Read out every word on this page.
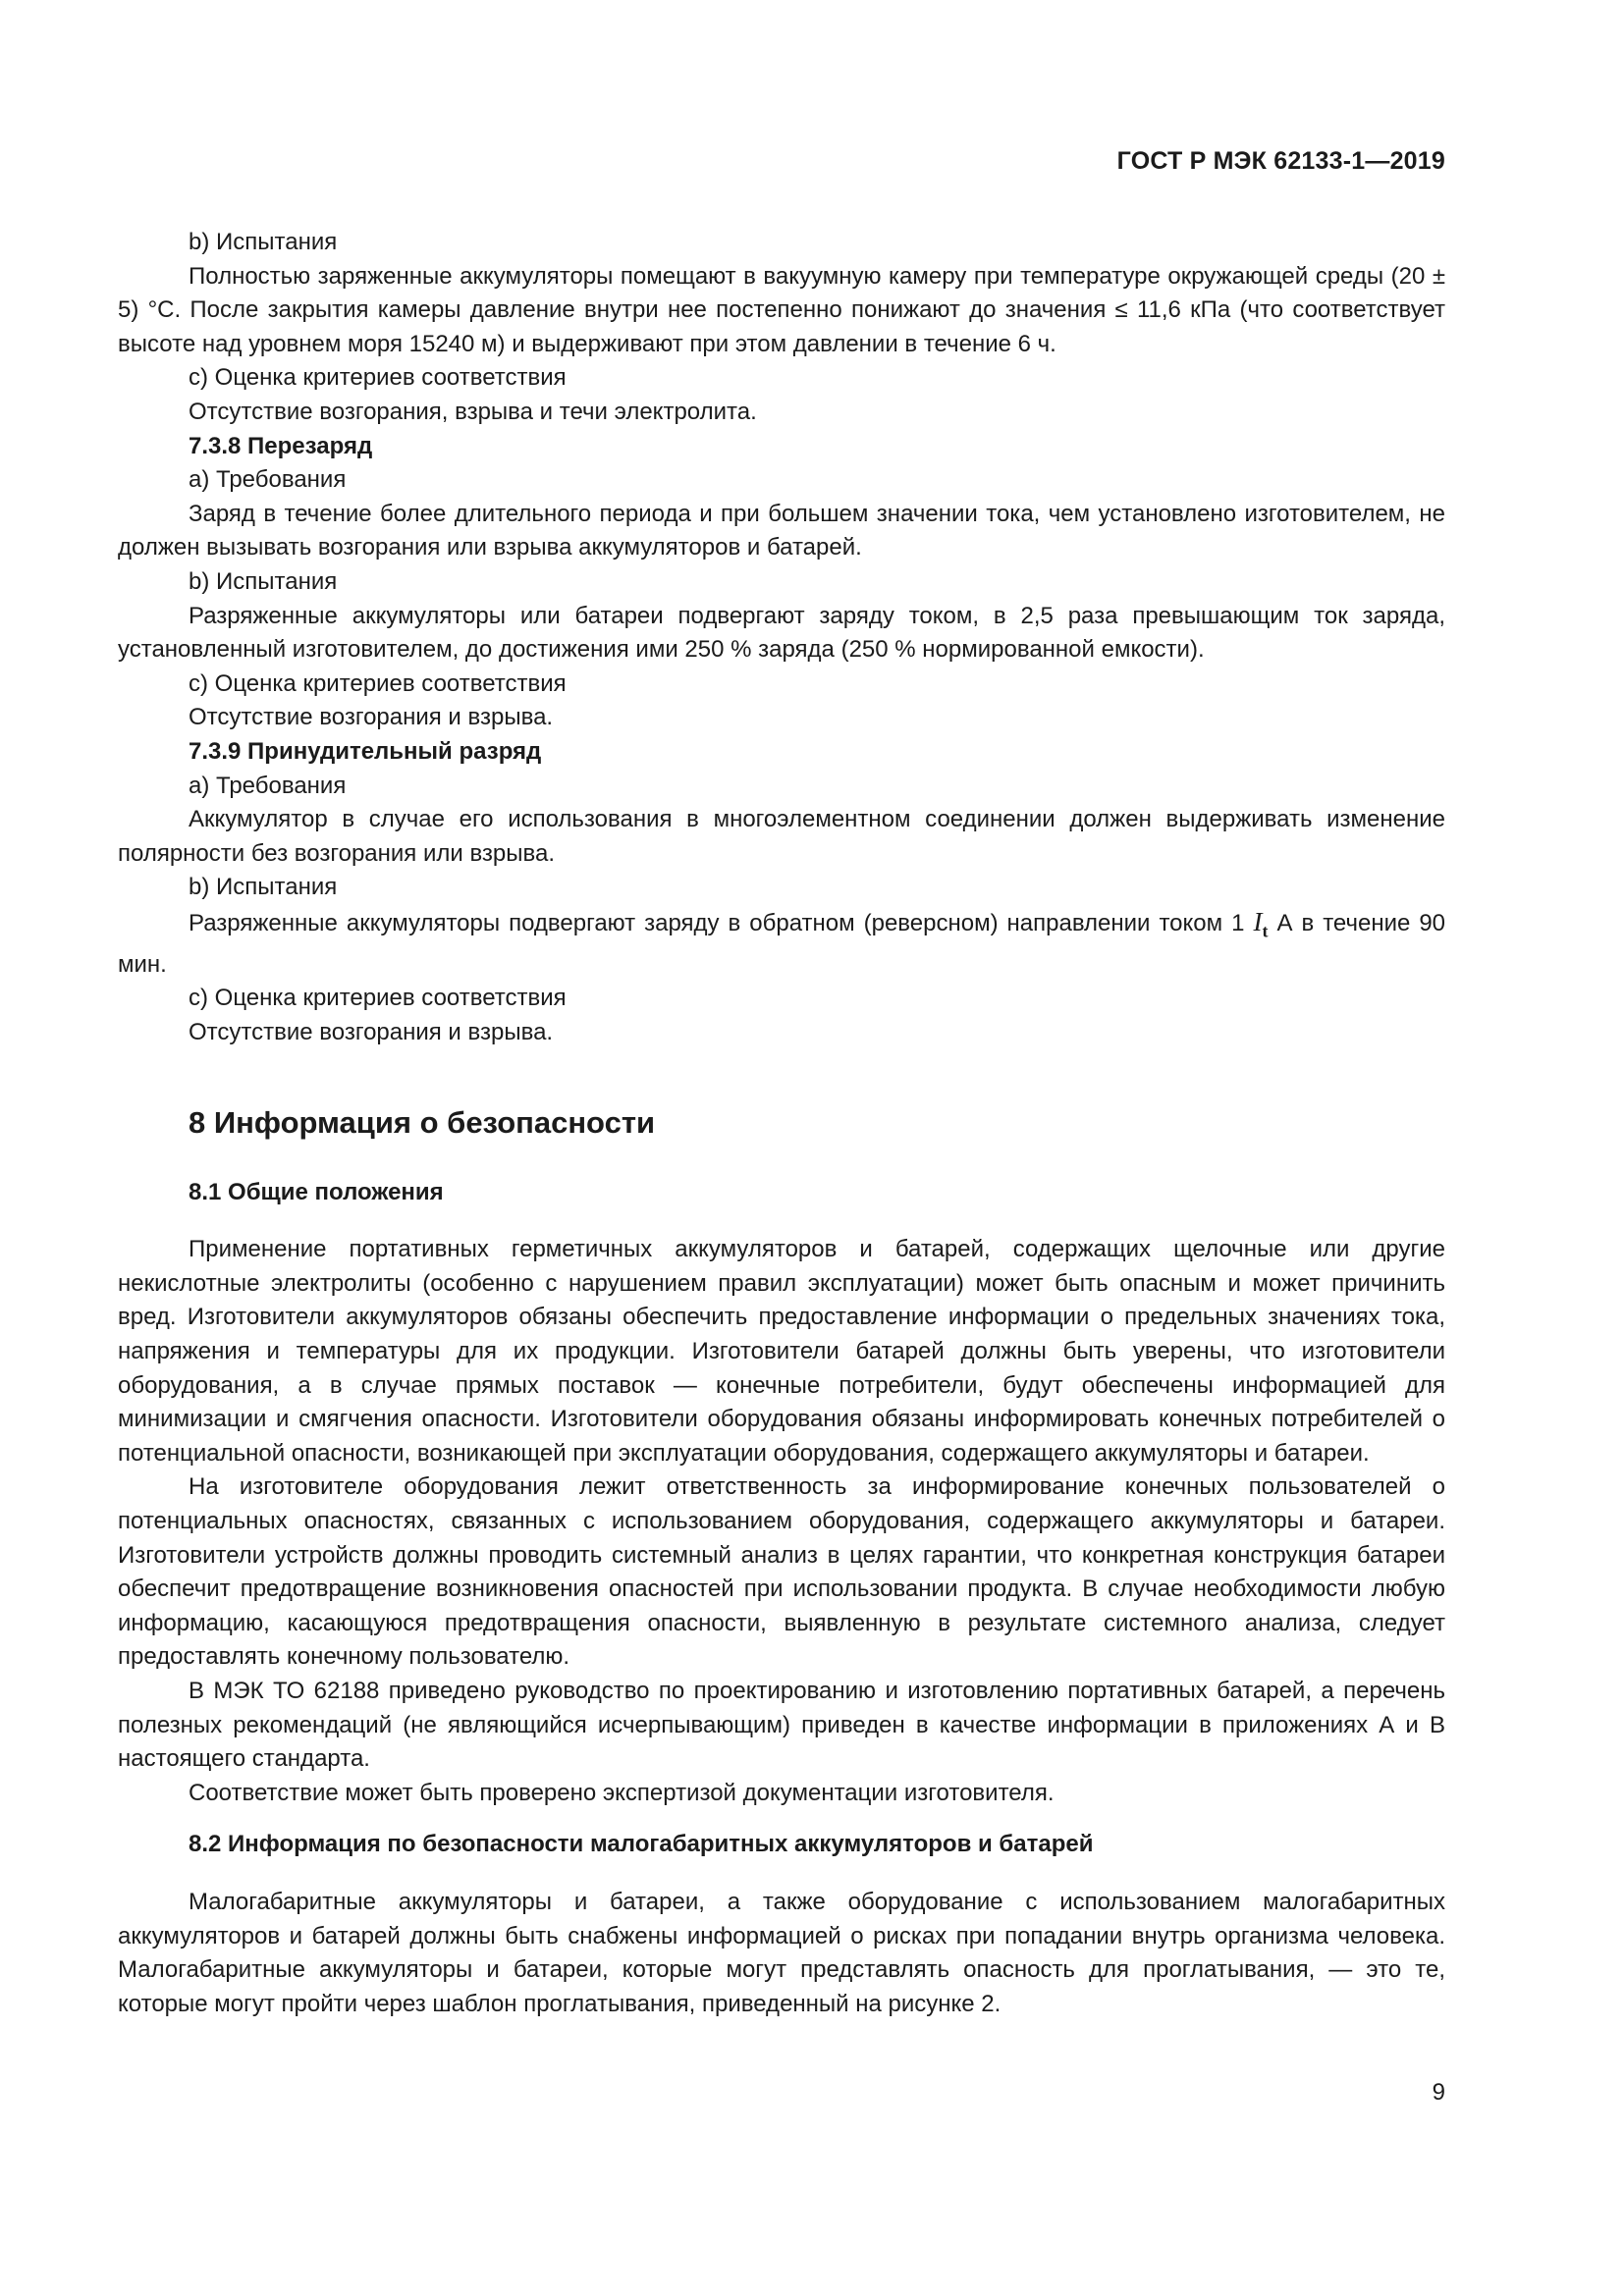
ГОСТ Р МЭК 62133-1—2019

b) Испытания

Полностью заряженные аккумуляторы помещают в вакуумную камеру при температуре окружающей среды (20 ± 5) °С. После закрытия камеры давление внутри нее постепенно понижают до значения ≤ 11,6 кПа (что соответствует высоте над уровнем моря 15240 м) и выдерживают при этом давлении в течение 6 ч.

с) Оценка критериев соответствия

Отсутствие возгорания, взрыва и течи электролита.

7.3.8 Перезаряд

а) Требования

Заряд в течение более длительного периода и при большем значении тока, чем установлено изготовителем, не должен вызывать возгорания или взрыва аккумуляторов и батарей.

b) Испытания

Разряженные аккумуляторы или батареи подвергают заряду током, в 2,5 раза превышающим ток заряда, установленный изготовителем, до достижения ими 250 % заряда (250 % нормированной емкости).

с) Оценка критериев соответствия

Отсутствие возгорания и взрыва.

7.3.9 Принудительный разряд

а) Требования

Аккумулятор в случае его использования в многоэлементном соединении должен выдерживать изменение полярности без возгорания или взрыва.

b) Испытания

Разряженные аккумуляторы подвергают заряду в обратном (реверсном) направлении током 1 $I_t$ А в течение 90 мин.

с) Оценка критериев соответствия

Отсутствие возгорания и взрыва.

8 Информация о безопасности

8.1 Общие положения

Применение портативных герметичных аккумуляторов и батарей, содержащих щелочные или другие некислотные электролиты (особенно с нарушением правил эксплуатации) может быть опасным и может причинить вред. Изготовители аккумуляторов обязаны обеспечить предоставление информации о предельных значениях тока, напряжения и температуры для их продукции. Изготовители батарей должны быть уверены, что изготовители оборудования, а в случае прямых поставок — конечные потребители, будут обеспечены информацией для минимизации и смягчения опасности. Изготовители оборудования обязаны информировать конечных потребителей о потенциальной опасности, возникающей при эксплуатации оборудования, содержащего аккумуляторы и батареи.

На изготовителе оборудования лежит ответственность за информирование конечных пользователей о потенциальных опасностях, связанных с использованием оборудования, содержащего аккумуляторы и батареи. Изготовители устройств должны проводить системный анализ в целях гарантии, что конкретная конструкция батареи обеспечит предотвращение возникновения опасностей при использовании продукта. В случае необходимости любую информацию, касающуюся предотвращения опасности, выявленную в результате системного анализа, следует предоставлять конечному пользователю.

В МЭК ТО 62188 приведено руководство по проектированию и изготовлению портативных батарей, а перечень полезных рекомендаций (не являющийся исчерпывающим) приведен в качестве информации в приложениях А и В настоящего стандарта.

Соответствие может быть проверено экспертизой документации изготовителя.

8.2 Информация по безопасности малогабаритных аккумуляторов и батарей

Малогабаритные аккумуляторы и батареи, а также оборудование с использованием малогабаритных аккумуляторов и батарей должны быть снабжены информацией о рисках при попадании внутрь организма человека. Малогабаритные аккумуляторы и батареи, которые могут представлять опасность для проглатывания, — это те, которые могут пройти через шаблон проглатывания, приведенный на рисунке 2.

9
